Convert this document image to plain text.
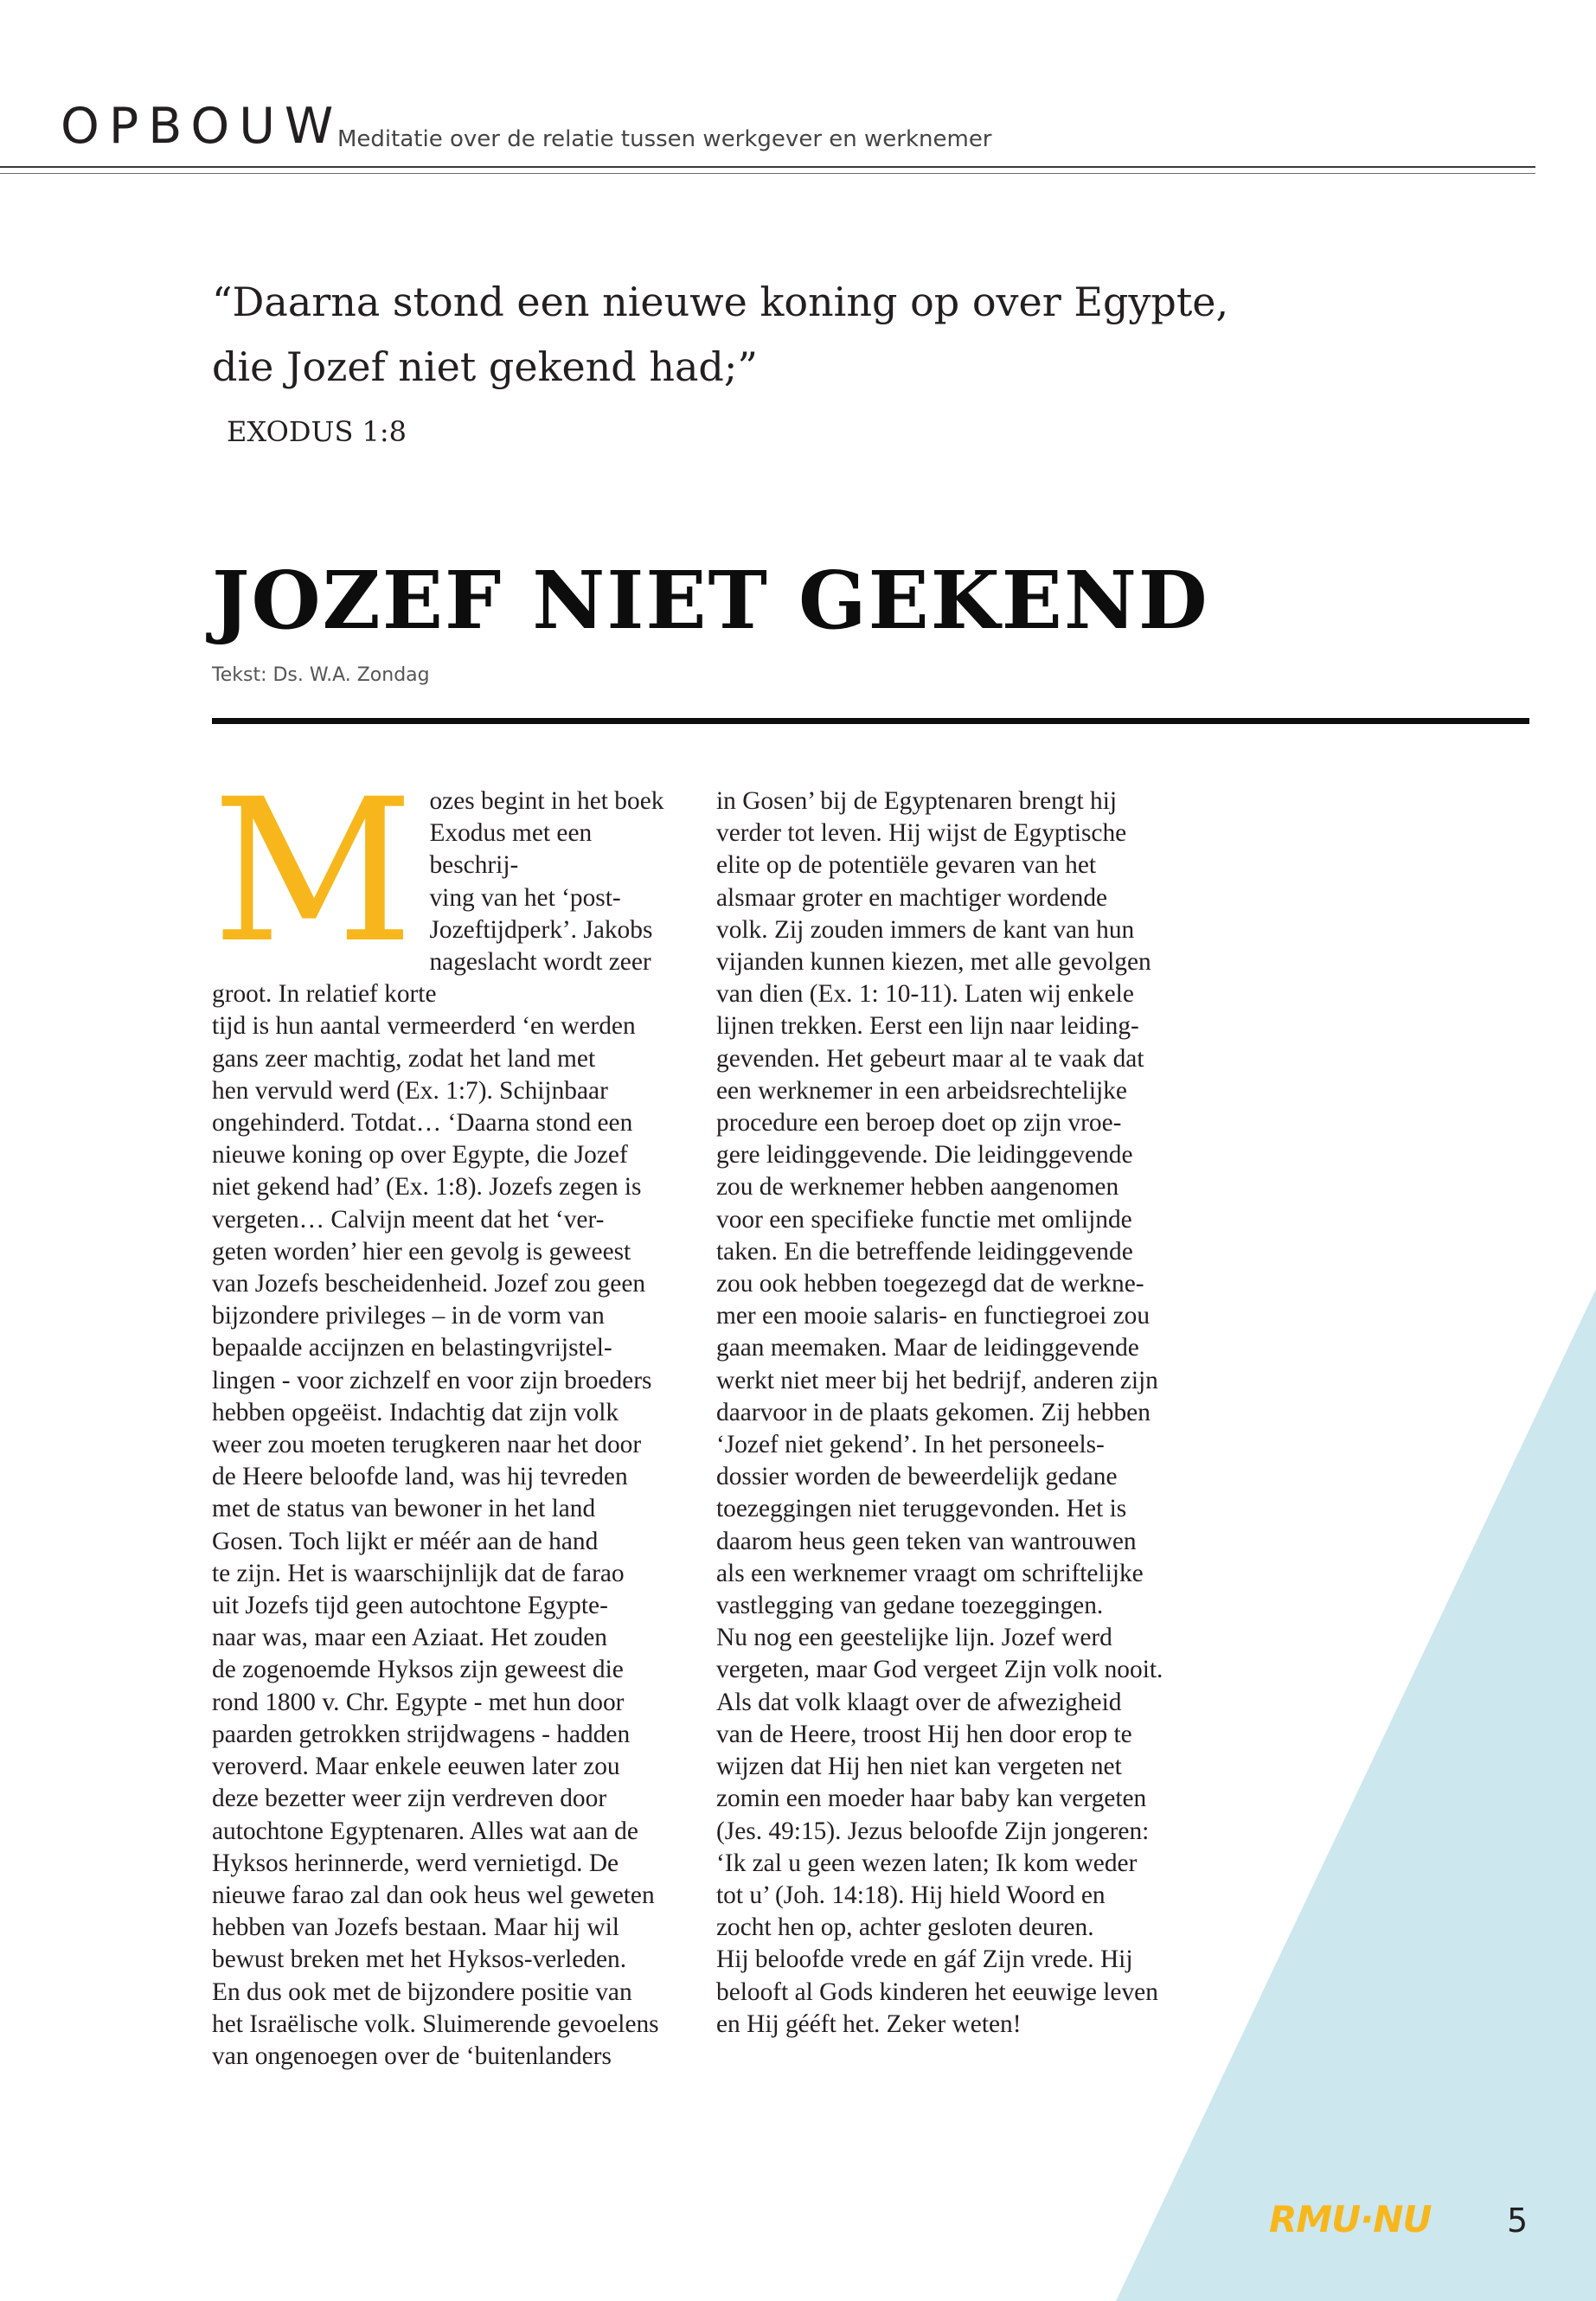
OPBOUW
Meditatie over de relatie tussen werkgever en werknemer

“Daarna stond een nieuwe koning op over Egypte,
die Jozef niet gekend had;”

EXODUS 1:8
JOZEF NIET GEKEND
Tekst: Ds. W.A. Zondag
M ozes begint in het boek
Exodus met een beschrij-
ving van het ‘post-
Jozeftijdperk’. Jakobs
nageslacht wordt zeer
groot. In relatief korte
tijd is hun aantal vermeerderd ‘en werden
gans zeer machtig, zodat het land met
hen vervuld werd (Ex. 1:7). Schijnbaar
ongehinderd. Totdat… ‘Daarna stond een
nieuwe koning op over Egypte, die Jozef
niet gekend had’ (Ex. 1:8). Jozefs zegen is
vergeten… Calvijn meent dat het ‘ver-
geten worden’ hier een gevolg is geweest
van Jozefs bescheidenheid. Jozef zou geen
bijzondere privileges – in de vorm van
bepaalde accijnzen en belastingvrijstel-
lingen - voor zichzelf en voor zijn broeders
hebben opgeëist. Indachtig dat zijn volk
weer zou moeten terugkeren naar het door
de Heere beloofde land, was hij tevreden
met de status van bewoner in het land
Gosen. Toch lijkt er méér aan de hand
te zijn. Het is waarschijnlijk dat de farao
uit Jozefs tijd geen autochtone Egypte-
naar was, maar een Aziaat. Het zouden
de zogenoemde Hyksos zijn geweest die
rond 1800 v. Chr. Egypte - met hun door
paarden getrokken strijdwagens - hadden
veroverd. Maar enkele eeuwen later zou
deze bezetter weer zijn verdreven door
autochtone Egyptenaren. Alles wat aan de
Hyksos herinnerde, werd vernietigd. De
nieuwe farao zal dan ook heus wel geweten
hebben van Jozefs bestaan. Maar hij wil
bewust breken met het Hyksos-verleden.
En dus ook met de bijzondere positie van
het Israëlische volk. Sluimerende gevoelens
van ongenoegen over de ‘buitenlanders

in Gosen’ bij de Egyptenaren brengt hij
verder tot leven. Hij wijst de Egyptische
elite op de potentiële gevaren van het
alsmaar groter en machtiger wordende
volk. Zij zouden immers de kant van hun
vijanden kunnen kiezen, met alle gevolgen
van dien (Ex. 1: 10-11). Laten wij enkele
lijnen trekken. Eerst een lijn naar leiding-
gevenden. Het gebeurt maar al te vaak dat
een werknemer in een arbeidsrechtelijke
procedure een beroep doet op zijn vroe-
gere leidinggevende. Die leidinggevende
zou de werknemer hebben aangenomen
voor een specifieke functie met omlijnde
taken. En die betreffende leidinggevende
zou ook hebben toegezegd dat de werkne-
mer een mooie salaris- en functiegroei zou
gaan meemaken. Maar de leidinggevende
werkt niet meer bij het bedrijf, anderen zijn
daarvoor in de plaats gekomen. Zij hebben
‘Jozef niet gekend’. In het personeels-
dossier worden de beweerdelijk gedane
toezeggingen niet teruggevonden. Het is
daarom heus geen teken van wantrouwen
als een werknemer vraagt om schriftelijke
vastlegging van gedane toezeggingen.
Nu nog een geestelijke lijn. Jozef werd
vergeten, maar God vergeet Zijn volk nooit.
Als dat volk klaagt over de afwezigheid
van de Heere, troost Hij hen door erop te
wijzen dat Hij hen niet kan vergeten net
zomin een moeder haar baby kan vergeten
(Jes. 49:15). Jezus beloofde Zijn jongeren:
‘Ik zal u geen wezen laten; Ik kom weder
tot u’ (Joh. 14:18). Hij hield Woord en
zocht hen op, achter gesloten deuren.
Hij beloofde vrede en gáf Zijn vrede. Hij
belooft al Gods kinderen het eeuwige leven
en Hij gééft het. Zeker weten!

RMU·NU 5
